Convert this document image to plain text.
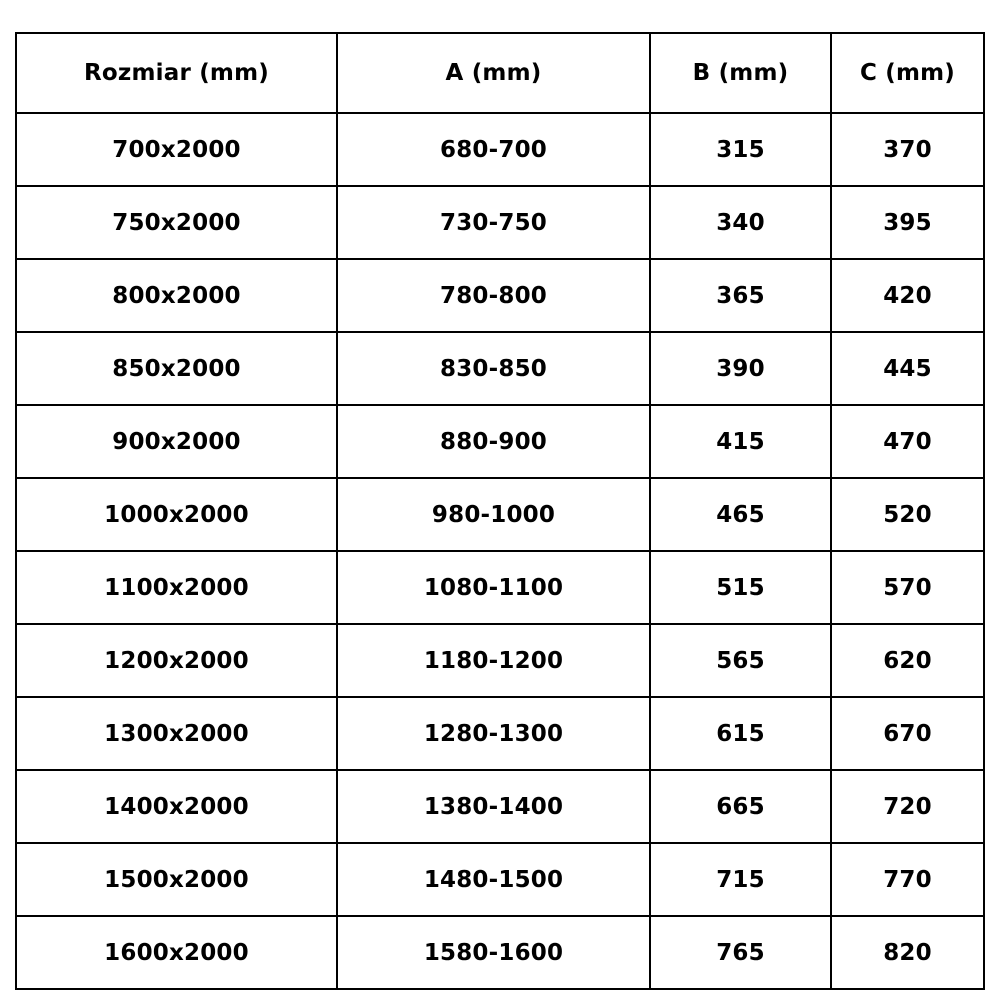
Rozmiar (mm)	A (mm)	B (mm)	C (mm)
700x2000	680-700	315	370
750x2000	730-750	340	395
800x2000	780-800	365	420
850x2000	830-850	390	445
900x2000	880-900	415	470
1000x2000	980-1000	465	520
1100x2000	1080-1100	515	570
1200x2000	1180-1200	565	620
1300x2000	1280-1300	615	670
1400x2000	1380-1400	665	720
1500x2000	1480-1500	715	770
1600x2000	1580-1600	765	820
